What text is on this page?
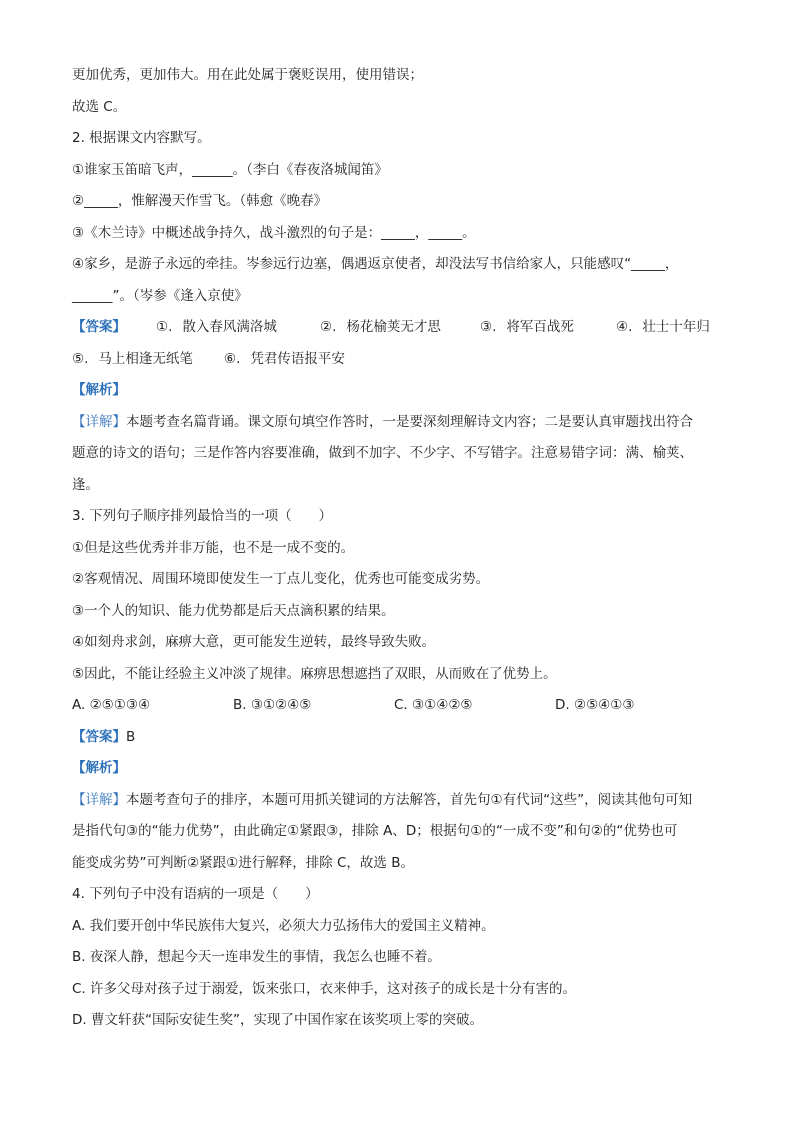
更加优秀，更加伟大。用在此处属于褒贬误用，使用错误；
故选 C。
2. 根据课文内容默写。
①谁家玉笛暗飞声，______。（李白《春夜洛城闻笛》
②_____，惟解漫天作雪飞。（韩愈《晚春》
③《木兰诗》中概述战争持久，战斗激烈的句子是：_____，_____。
④家乡，是游子永远的牵挂。岑参远行边塞，偶遇返京使者，却没法写书信给家人，只能感叹“_____，
______”。（岑参《逢入京使》
【答案】	①. 散入春风满洛城	②. 杨花榆荚无才思	③. 将军百战死	④. 壮士十年归
⑤. 马上相逢无纸笔	⑥. 凭君传语报平安
【解析】
【详解】本题考查名篇背诵。课文原句填空作答时，一是要深刻理解诗文内容；二是要认真审题找出符合
题意的诗文的语句；三是作答内容要准确，做到不加字、不少字、不写错字。注意易错字词：满、榆荚、
逢。
3. 下列句子顺序排列最恰当的一项（　　）
①但是这些优秀并非万能，也不是一成不变的。
②客观情况、周围环境即使发生一丁点儿变化，优秀也可能变成劣势。
③一个人的知识、能力优势都是后天点滴积累的结果。
④如刻舟求剑，麻痹大意，更可能发生逆转，最终导致失败。
⑤因此，不能让经验主义冲淡了规律。麻痹思想遮挡了双眼，从而败在了优势上。
A. ②⑤①③④	B. ③①②④⑤	C. ③①④②⑤	D. ②⑤④①③
【答案】B
【解析】
【详解】本题考查句子的排序，本题可用抓关键词的方法解答，首先句①有代词“这些”，阅读其他句可知
是指代句③的“能力优势”，由此确定①紧跟③，排除 A、D；根据句①的“一成不变”和句②的“优势也可
能变成劣势”可判断②紧跟①进行解释，排除 C，故选 B。
4. 下列句子中没有语病的一项是（　　）
A. 我们要开创中华民族伟大复兴，必须大力弘扬伟大的爱国主义精神。
B. 夜深人静，想起今天一连串发生的事情，我怎么也睡不着。
C. 许多父母对孩子过于溺爱，饭来张口，衣来伸手，这对孩子的成长是十分有害的。
D. 曹文轩获“国际安徒生奖”，实现了中国作家在该奖项上零的突破。
